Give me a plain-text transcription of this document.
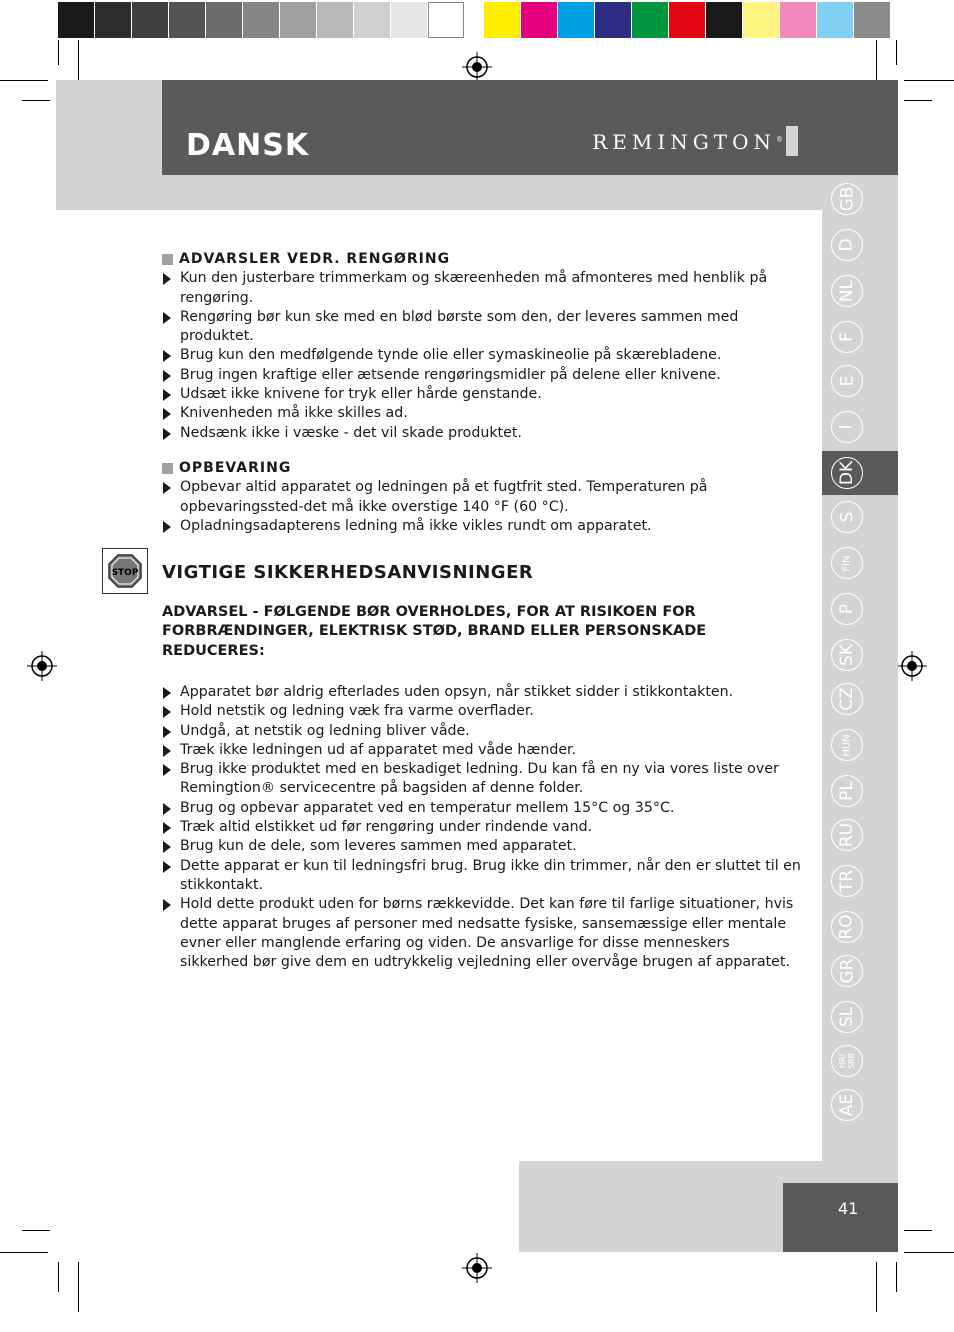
DANSK	REMINGTON®
GB
D
NL
F
E
I
DK
S
FIN
P
SK
CZ
HUN
PL
RU
TR
RO
GR
SL
HR/
SRB
AE
ADVARSLER VEDR. RENGØRING
Kun den justerbare trimmerkam og skæreenheden må afmonteres med henblik på rengøring.
Rengøring bør kun ske med en blød børste som den, der leveres sammen med produktet.
Brug kun den medfølgende tynde olie eller symaskineolie på skærebladene.
Brug ingen kraftige eller ætsende rengøringsmidler på delene eller knivene.
Udsæt ikke knivene for tryk eller hårde genstande.
Knivenheden må ikke skilles ad.
Nedsænk ikke i væske - det vil skade produktet.
OPBEVARING
Opbevar altid apparatet og ledningen på et fugtfrit sted. Temperaturen på opbevaringssted-det må ikke overstige 140 °F (60 °C).
Opladningsadapterens ledning må ikke vikles rundt om apparatet.
STOP VIGTIGE SIKKERHEDSANVISNINGER
ADVARSEL - FØLGENDE BØR OVERHOLDES, FOR AT RISIKOEN FOR FORBRÆNDINGER, ELEKTRISK STØD, BRAND ELLER PERSONSKADE REDUCERES:
Apparatet bør aldrig efterlades uden opsyn, når stikket sidder i stikkontakten.
Hold netstik og ledning væk fra varme overflader.
Undgå, at netstik og ledning bliver våde.
Træk ikke ledningen ud af apparatet med våde hænder.
Brug ikke produktet med en beskadiget ledning. Du kan få en ny via vores liste over Remingtion® servicecentre på bagsiden af denne folder.
Brug og opbevar apparatet ved en temperatur mellem 15°C og 35°C.
Træk altid elstikket ud før rengøring under rindende vand.
Brug kun de dele, som leveres sammen med apparatet.
Dette apparat er kun til ledningsfri brug. Brug ikke din trimmer, når den er sluttet til en stikkontakt.
Hold dette produkt uden for børns rækkevidde. Det kan føre til farlige situationer, hvis dette apparat bruges af personer med nedsatte fysiske, sansemæssige eller mentale evner eller manglende erfaring og viden. De ansvarlige for disse menneskers sikkerhed bør give dem en udtrykkelig vejledning eller overvåge brugen af apparatet.
41
